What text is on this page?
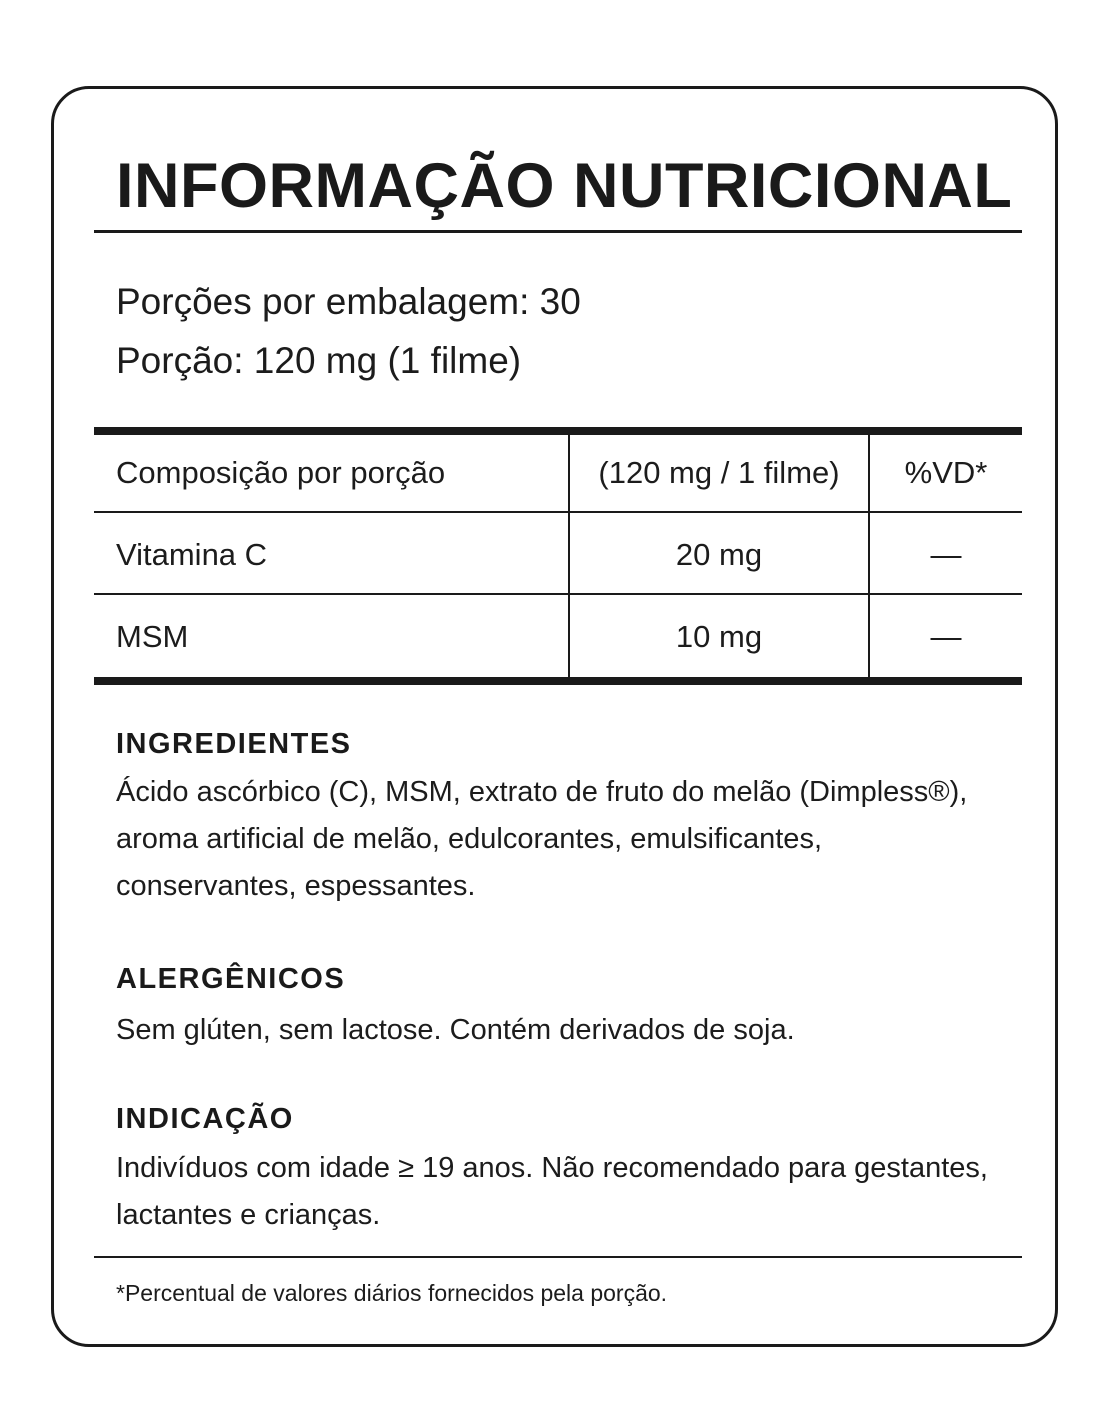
INFORMAÇÃO NUTRICIONAL
Porções por embalagem: 30
Porção: 120 mg (1 filme)
Composição por porção	(120 mg / 1 filme)	%VD*
Vitamina C	20 mg	—
MSM	10 mg	—
INGREDIENTES

Ácido ascórbico (C), MSM, extrato de fruto do melão (Dimpless®),
aroma artificial de melão, edulcorantes, emulsificantes,
conservantes, espessantes.

ALERGÊNICOS

Sem glúten, sem lactose. Contém derivados de soja.

INDICAÇÃO

Indivíduos com idade ≥ 19 anos. Não recomendado para gestantes,
lactantes e crianças.

*Percentual de valores diários fornecidos pela porção.
